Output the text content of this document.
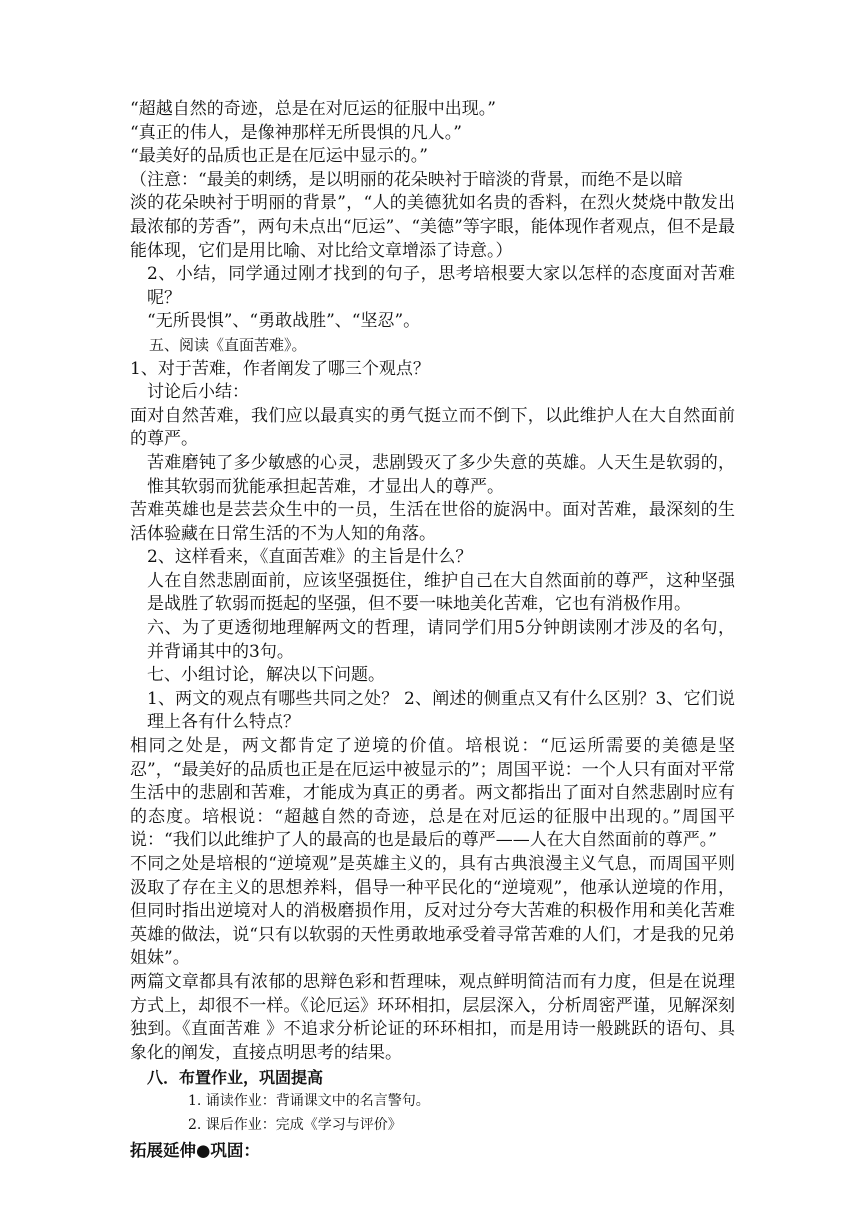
“超越自然的奇迹，总是在对厄运的征服中出现。”

“真正的伟人，是像神那样无所畏惧的凡人。”

“最美好的品质也正是在厄运中显示的。”

（注意：“最美的刺绣，是以明丽的花朵映衬于暗淡的背景，而绝不是以暗

淡的花朵映衬于明丽的背景”，“人的美德犹如名贵的香料，在烈火焚烧中散发出最浓郁的芳香”，两句未点出“厄运”、“美德”等字眼，能体现作者观点，但不是最能体现，它们是用比喻、对比给文章增添了诗意。）

2、小结，同学通过刚才找到的句子，思考培根要大家以怎样的态度面对苦难呢？

“无所畏惧”、“勇敢战胜”、“坚忍”。

五、阅读《直面苦难》。

1、对于苦难，作者阐发了哪三个观点？

讨论后小结：

面对自然苦难，我们应以最真实的勇气挺立而不倒下，以此维护人在大自然面前的尊严。

苦难磨钝了多少敏感的心灵，悲剧毁灭了多少失意的英雄。人天生是软弱的，惟其软弱而犹能承担起苦难，才显出人的尊严。

苦难英雄也是芸芸众生中的一员，生活在世俗的旋涡中。面对苦难，最深刻的生活体验藏在日常生活的不为人知的角落。

2、这样看来，《直面苦难》的主旨是什么？

人在自然悲剧面前，应该坚强挺住，维护自己在大自然面前的尊严，这种坚强是战胜了软弱而挺起的坚强，但不要一味地美化苦难，它也有消极作用。

六、为了更透彻地理解两文的哲理，请同学们用5分钟朗读刚才涉及的名句，并背诵其中的3句。

七、小组讨论，解决以下问题。

1、两文的观点有哪些共同之处？ 2、阐述的侧重点又有什么区别？3、它们说理上各有什么特点？

相同之处是，两文都肯定了逆境的价值。培根说：“厄运所需要的美德是坚忍”，“最美好的品质也正是在厄运中被显示的”；周国平说：一个人只有面对平常生活中的悲剧和苦难，才能成为真正的勇者。两文都指出了面对自然悲剧时应有的态度。培根说：“超越自然的奇迹，总是在对厄运的征服中出现的。”周国平说：“我们以此维护了人的最高的也是最后的尊严——人在大自然面前的尊严。”

不同之处是培根的“逆境观”是英雄主义的，具有古典浪漫主义气息，而周国平则汲取了存在主义的思想养料，倡导一种平民化的“逆境观”，他承认逆境的作用，但同时指出逆境对人的消极磨损作用，反对过分夸大苦难的积极作用和美化苦难英雄的做法，说“只有以软弱的天性勇敢地承受着寻常苦难的人们，才是我的兄弟姐妹”。

两篇文章都具有浓郁的思辩色彩和哲理味，观点鲜明简洁而有力度，但是在说理方式上，却很不一样。《论厄运》环环相扣，层层深入，分析周密严谨，见解深刻独到。《直面苦难 》不追求分析论证的环环相扣，而是用诗一般跳跃的语句、具象化的阐发，直接点明思考的结果。

八．布置作业，巩固提高

1. 诵读作业：背诵课文中的名言警句。

2. 课后作业：完成《学习与评价》

拓展延伸●巩固：
